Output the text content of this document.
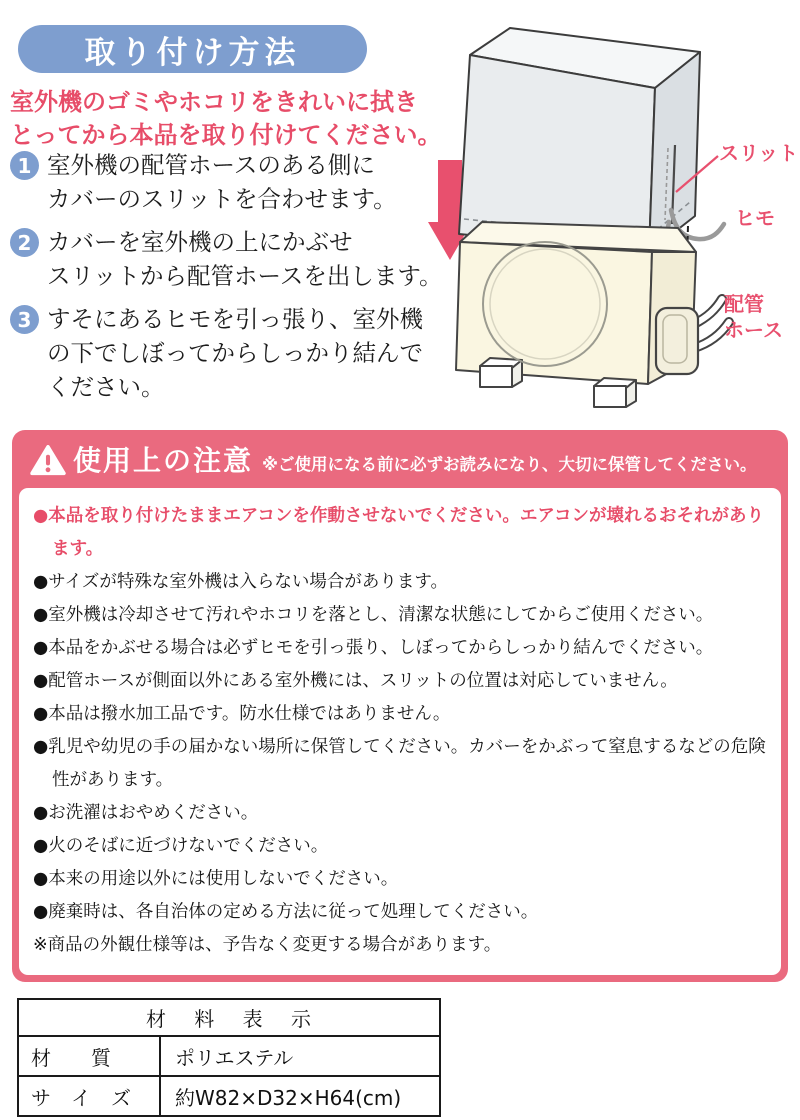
取り付け方法
室外機のゴミやホコリをきれいに拭き
とってから本品を取り付けてください。
1 室外機の配管ホースのある側に
カバーのスリットを合わせます。
2 カバーを室外機の上にかぶせ
スリットから配管ホースを出します。
3 すそにあるヒモを引っ張り、室外機
の下でしぼってからしっかり結んで
ください。
スリット
ヒモ
配管
ホース
使用上の注意 ※ご使用になる前に必ずお読みになり、大切に保管してください。
●本品を取り付けたままエアコンを作動させないでください。エアコンが壊れるおそれがあります。
●サイズが特殊な室外機は入らない場合があります。
●室外機は冷却させて汚れやホコリを落とし、清潔な状態にしてからご使用ください。
●本品をかぶせる場合は必ずヒモを引っ張り、しぼってからしっかり結んでください。
●配管ホースが側面以外にある室外機には、スリットの位置は対応していません。
●本品は撥水加工品です。防水仕様ではありません。
●乳児や幼児の手の届かない場所に保管してください。カバーをかぶって窒息するなどの危険性があります。
●お洗濯はおやめください。
●火のそばに近づけないでください。
●本来の用途以外には使用しないでください。
●廃棄時は、各自治体の定める方法に従って処理してください。
※商品の外観仕様等は、予告なく変更する場合があります。
材 料 表 示	
材　　質	ポリエステル
サ　イ　ズ	約W82×D32×H64(cm)
